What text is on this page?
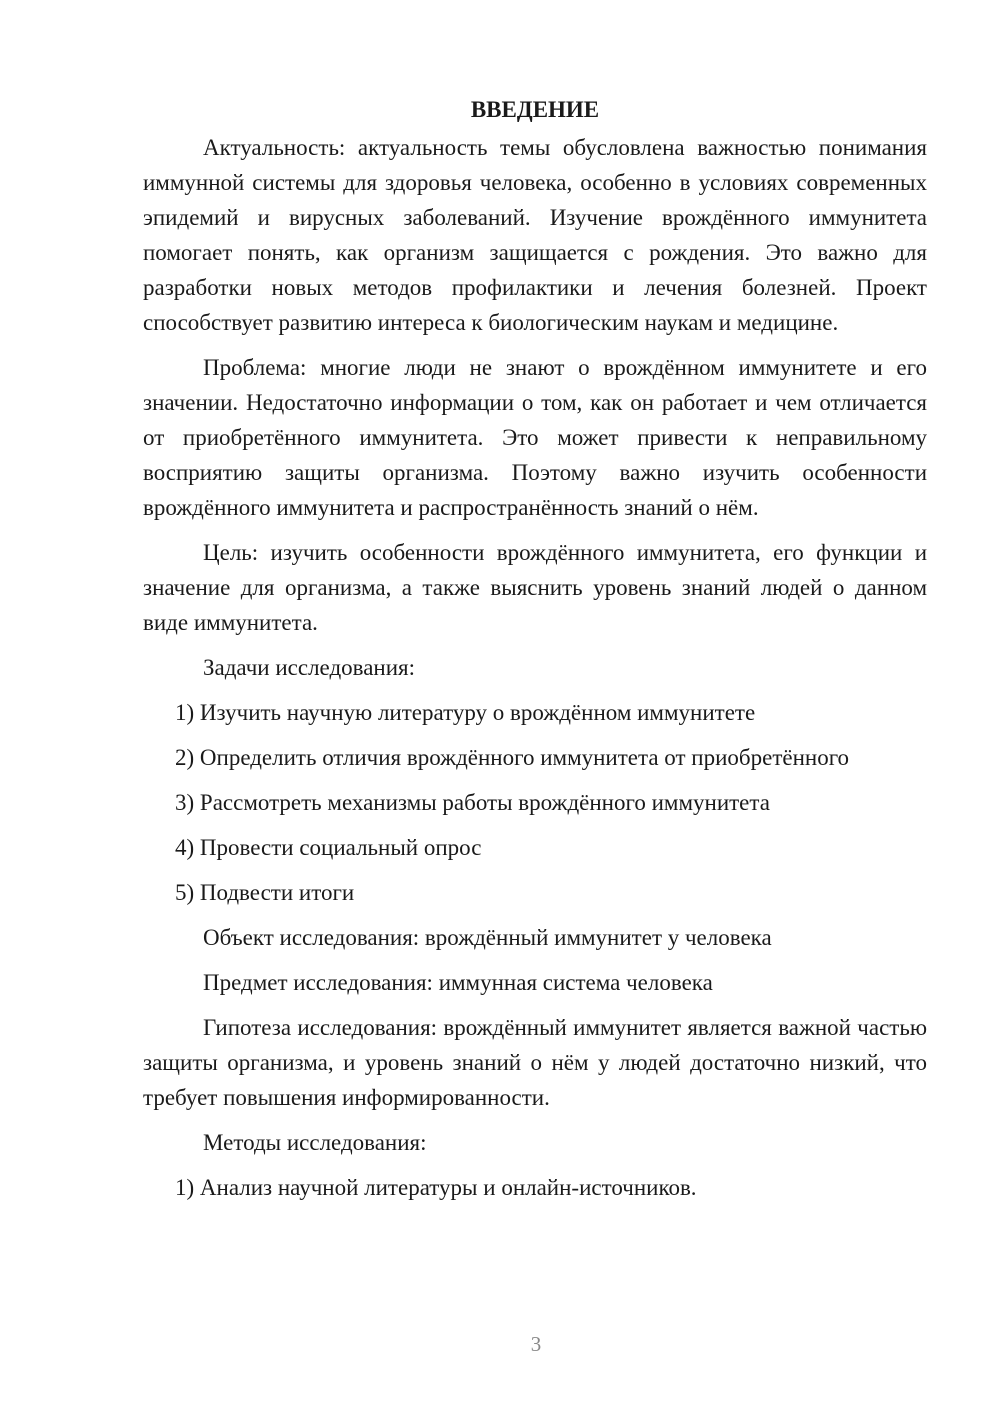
ВВЕДЕНИЕ

Актуальность: актуальность темы обусловлена важностью понимания иммунной системы для здоровья человека, особенно в условиях современных эпидемий и вирусных заболеваний. Изучение врождённого иммунитета помогает понять, как организм защищается с рождения. Это важно для разработки новых методов профилактики и лечения болезней. Проект способствует развитию интереса к биологическим наукам и медицине.

Проблема: многие люди не знают о врождённом иммунитете и его значении. Недостаточно информации о том, как он работает и чем отличается от приобретённого иммунитета. Это может привести к неправильному восприятию защиты организма. Поэтому важно изучить особенности врождённого иммунитета и распространённость знаний о нём.

Цель: изучить особенности врождённого иммунитета, его функции и значение для организма, а также выяснить уровень знаний людей о данном виде иммунитета.

Задачи исследования:

1) Изучить научную литературу о врождённом иммунитете

2) Определить отличия врождённого иммунитета от приобретённого

3) Рассмотреть механизмы работы врождённого иммунитета

4) Провести социальный опрос

5) Подвести итоги

Объект исследования: врождённый иммунитет у человека

Предмет исследования: иммунная система человека

Гипотеза исследования: врождённый иммунитет является важной частью защиты организма, и уровень знаний о нём у людей достаточно низкий, что требует повышения информированности.

Методы исследования:

1) Анализ научной литературы и онлайн-источников.

3
